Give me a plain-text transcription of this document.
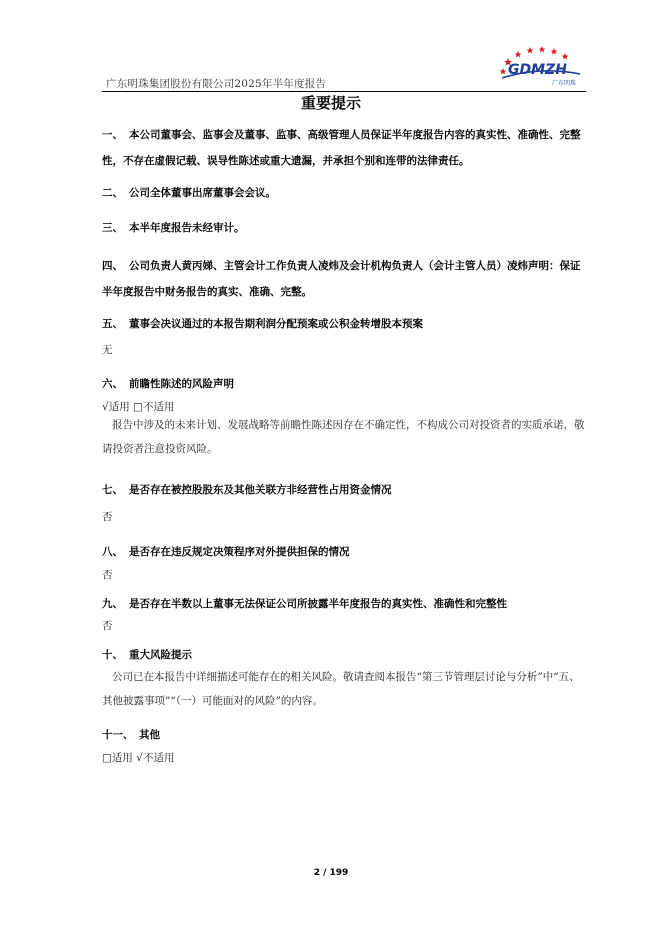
广东明珠集团股份有限公司2025年半年度报告
GDMZH
广东明珠
重要提示
一、 本公司董事会、监事会及董事、监事、高级管理人员保证半年度报告内容的真实性、准确性、完整性，不存在虚假记载、误导性陈述或重大遗漏，并承担个别和连带的法律责任。
二、 公司全体董事出席董事会会议。
三、 本半年度报告未经审计。
四、 公司负责人黄丙娣、主管会计工作负责人凌炜及会计机构负责人（会计主管人员）凌炜声明：保证半年度报告中财务报告的真实、准确、完整。
五、 董事会决议通过的本报告期利润分配预案或公积金转增股本预案
无
六、 前瞻性陈述的风险声明
√适用 □不适用
报告中涉及的未来计划、发展战略等前瞻性陈述因存在不确定性，不构成公司对投资者的实质承诺，敬请投资者注意投资风险。
七、 是否存在被控股股东及其他关联方非经营性占用资金情况
否
八、 是否存在违反规定决策程序对外提供担保的情况
否
九、 是否存在半数以上董事无法保证公司所披露半年度报告的真实性、准确性和完整性
否
十、 重大风险提示
公司已在本报告中详细描述可能存在的相关风险。敬请查阅本报告“第三节管理层讨论与分析”中“五、其他披露事项”“（一）可能面对的风险”的内容。
十一、 其他
□适用 √不适用
2 / 199
